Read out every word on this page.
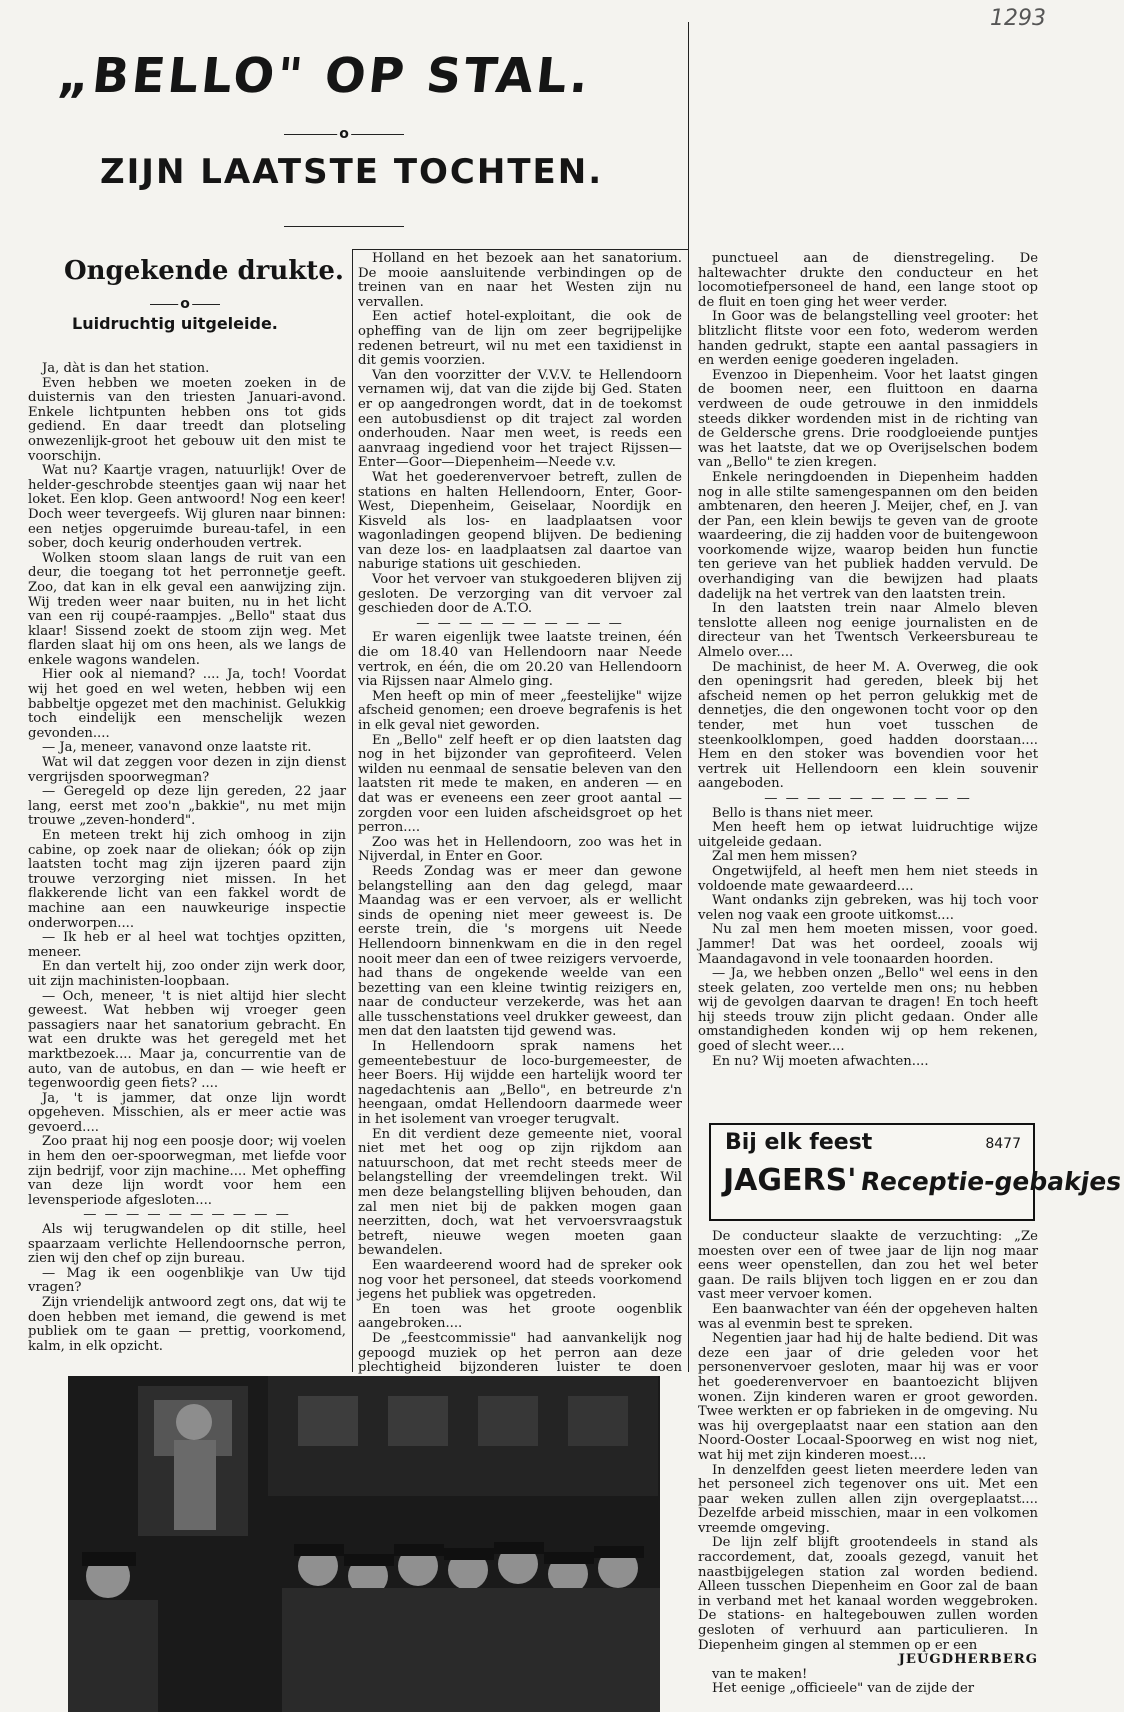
1293
„BELLO" OP STAL.
o
ZIJN LAATSTE TOCHTEN.
Ongekende drukte.
o
Luidruchtig uitgeleide.

Ja, dàt is dan het station.

Even hebben we moeten zoeken in de duisternis van den triesten Januari-avond. Enkele lichtpunten hebben ons tot gids gediend. En daar treedt dan plotseling onwezenlijk-groot het gebouw uit den mist te voorschijn.

Wat nu? Kaartje vragen, natuurlijk! Over de helder-geschrobde steentjes gaan wij naar het loket. Een klop. Geen antwoord! Nog een keer! Doch weer tevergeefs. Wij gluren naar binnen: een netjes opgeruimde bureau-tafel, in een sober, doch keurig onderhouden vertrek.

Wolken stoom slaan langs de ruit van een deur, die toegang tot het perronnetje geeft. Zoo, dat kan in elk geval een aanwijzing zijn. Wij treden weer naar buiten, nu in het licht van een rij coupé-raampjes. „Bello" staat dus klaar! Sissend zoekt de stoom zijn weg. Met flarden slaat hij om ons heen, als we langs de enkele wagons wandelen.

Hier ook al niemand? .... Ja, toch! Voordat wij het goed en wel weten, hebben wij een babbeltje opgezet met den machinist. Gelukkig toch eindelijk een menschelijk wezen gevonden....

— Ja, meneer, vanavond onze laatste rit.

Wat wil dat zeggen voor dezen in zijn dienst vergrijsden spoorwegman?

— Geregeld op deze lijn gereden, 22 jaar lang, eerst met zoo'n „bakkie", nu met mijn trouwe „zeven-honderd".

En meteen trekt hij zich omhoog in zijn cabine, op zoek naar de oliekan; óók op zijn laatsten tocht mag zijn ijzeren paard zijn trouwe verzorging niet missen. In het flakkerende licht van een fakkel wordt de machine aan een nauwkeurige inspectie onderworpen....

— Ik heb er al heel wat tochtjes opzitten, meneer.

En dan vertelt hij, zoo onder zijn werk door, uit zijn machinisten-loopbaan.

— Och, meneer, 't is niet altijd hier slecht geweest. Wat hebben wij vroeger geen passagiers naar het sanatorium gebracht. En wat een drukte was het geregeld met het marktbezoek.... Maar ja, concurrentie van de auto, van de autobus, en dan — wie heeft er tegenwoordig geen fiets? ....

Ja, 't is jammer, dat onze lijn wordt opgeheven. Misschien, als er meer actie was gevoerd....

Zoo praat hij nog een poosje door; wij voelen in hem den oer-spoorwegman, met liefde voor zijn bedrijf, voor zijn machine.... Met opheffing van deze lijn wordt voor hem een levensperiode afgesloten....

— — — — — — — — — —

Als wij terugwandelen op dit stille, heel spaarzaam verlichte Hellendoornsche perron, zien wij den chef op zijn bureau.

— Mag ik een oogenblikje van Uw tijd vragen?

Zijn vriendelijk antwoord zegt ons, dat wij te doen hebben met iemand, die gewend is met publiek om te gaan — prettig, voorkomend, kalm, in elk opzicht.

Holland en het bezoek aan het sanatorium. De mooie aansluitende verbindingen op de treinen van en naar het Westen zijn nu vervallen.

Een actief hotel-exploitant, die ook de opheffing van de lijn om zeer begrijpelijke redenen betreurt, wil nu met een taxidienst in dit gemis voorzien.

Van den voorzitter der V.V.V. te Hellendoorn vernamen wij, dat van die zijde bij Ged. Staten er op aangedrongen wordt, dat in de toekomst een autobusdienst op dit traject zal worden onderhouden. Naar men weet, is reeds een aanvraag ingediend voor het traject Rijssen—Enter—Goor—Diepenheim—Neede v.v.

Wat het goederenvervoer betreft, zullen de stations en halten Hellendoorn, Enter, Goor-West, Diepenheim, Geiselaar, Noordijk en Kisveld als los- en laadplaatsen voor wagonladingen geopend blijven. De bediening van deze los- en laadplaatsen zal daartoe van naburige stations uit geschieden.

Voor het vervoer van stukgoederen blijven zij gesloten. De verzorging van dit vervoer zal geschieden door de A.T.O.

— — — — — — — — — —

Er waren eigenlijk twee laatste treinen, één die om 18.40 van Hellendoorn naar Neede vertrok, en één, die om 20.20 van Hellendoorn via Rijssen naar Almelo ging.

Men heeft op min of meer „feestelijke" wijze afscheid genomen; een droeve begrafenis is het in elk geval niet geworden.

En „Bello" zelf heeft er op dien laatsten dag nog in het bijzonder van geprofiteerd. Velen wilden nu eenmaal de sensatie beleven van den laatsten rit mede te maken, en anderen — en dat was er eveneens een zeer groot aantal — zorgden voor een luiden afscheidsgroet op het perron....

Zoo was het in Hellendoorn, zoo was het in Nijverdal, in Enter en Goor.

Reeds Zondag was er meer dan gewone belangstelling aan den dag gelegd, maar Maandag was er een vervoer, als er wellicht sinds de opening niet meer geweest is. De eerste trein, die 's morgens uit Neede Hellendoorn binnenkwam en die in den regel nooit meer dan een of twee reizigers vervoerde, had thans de ongekende weelde van een bezetting van een kleine twintig reizigers en, naar de conducteur verzekerde, was het aan alle tusschenstations veel drukker geweest, dan men dat den laatsten tijd gewend was.

In Hellendoorn sprak namens het gemeentebestuur de loco-burgemeester, de heer Boers. Hij wijdde een hartelijk woord ter nagedachtenis aan „Bello", en betreurde z'n heengaan, omdat Hellendoorn daarmede weer in het isolement van vroeger terugvalt.

En dit verdient deze gemeente niet, vooral niet met het oog op zijn rijkdom aan natuurschoon, dat met recht steeds meer de belangstelling der vreemdelingen trekt. Wil men deze belangstelling blijven behouden, dan zal men niet bij de pakken mogen gaan neerzitten, doch, wat het vervoersvraagstuk betreft, nieuwe wegen moeten gaan bewandelen.

Een waardeerend woord had de spreker ook nog voor het personeel, dat steeds voorkomend jegens het publiek was opgetreden.

En toen was het groote oogenblik aangebroken....

De „feestcommissie" had aanvankelijk nog gepoogd muziek op het perron aan deze plechtigheid bijzonderen luister te doen

punctueel aan de dienstregeling. De haltewachter drukte den conducteur en het locomotiefpersoneel de hand, een lange stoot op de fluit en toen ging het weer verder.

In Goor was de belangstelling veel grooter: het blitzlicht flitste voor een foto, wederom werden handen gedrukt, stapte een aantal passagiers in en werden eenige goederen ingeladen.

Evenzoo in Diepenheim. Voor het laatst gingen de boomen neer, een fluittoon en daarna verdween de oude getrouwe in den inmiddels steeds dikker wordenden mist in de richting van de Geldersche grens. Drie roodgloeiende puntjes was het laatste, dat we op Overijselschen bodem van „Bello" te zien kregen.

Enkele neringdoenden in Diepenheim hadden nog in alle stilte samengespannen om den beiden ambtenaren, den heeren J. Meijer, chef, en J. van der Pan, een klein bewijs te geven van de groote waardeering, die zij hadden voor de buitengewoon voorkomende wijze, waarop beiden hun functie ten gerieve van het publiek hadden vervuld. De overhandiging van die bewijzen had plaats dadelijk na het vertrek van den laatsten trein.

In den laatsten trein naar Almelo bleven tenslotte alleen nog eenige journalisten en de directeur van het Twentsch Verkeersbureau te Almelo over....

De machinist, de heer M. A. Overweg, die ook den openingsrit had gereden, bleek bij het afscheid nemen op het perron gelukkig met de dennetjes, die den ongewonen tocht voor op den tender, met hun voet tusschen de steenkoolklompen, goed hadden doorstaan.... Hem en den stoker was bovendien voor het vertrek uit Hellendoorn een klein souvenir aangeboden.

— — — — — — — — — —

Bello is thans niet meer.

Men heeft hem op ietwat luidruchtige wijze uitgeleide gedaan.

Zal men hem missen?

Ongetwijfeld, al heeft men hem niet steeds in voldoende mate gewaardeerd....

Want ondanks zijn gebreken, was hij toch voor velen nog vaak een groote uitkomst....

Nu zal men hem moeten missen, voor goed. Jammer! Dat was het oordeel, zooals wij Maandagavond in vele toonaarden hoorden.

— Ja, we hebben onzen „Bello" wel eens in den steek gelaten, zoo vertelde men ons; nu hebben wij de gevolgen daarvan te dragen! En toch heeft hij steeds trouw zijn plicht gedaan. Onder alle omstandigheden konden wij op hem rekenen, goed of slecht weer....

En nu? Wij moeten afwachten....

Bij elk feest	8477
JAGERS' Receptie-gebakjes

De conducteur slaakte de verzuchting: „Ze moesten over een of twee jaar de lijn nog maar eens weer openstellen, dan zou het wel beter gaan. De rails blijven toch liggen en er zou dan vast meer vervoer komen.

Een baanwachter van één der opgeheven halten was al evenmin best te spreken.

Negentien jaar had hij de halte bediend. Dit was deze een jaar of drie geleden voor het personenvervoer gesloten, maar hij was er voor het goederenvervoer en baantoezicht blijven wonen. Zijn kinderen waren er groot geworden. Twee werkten er op fabrieken in de omgeving. Nu was hij overgeplaatst naar een station aan den Noord-Ooster Locaal-Spoorweg en wist nog niet, wat hij met zijn kinderen moest....

In denzelfden geest lieten meerdere leden van het personeel zich tegenover ons uit. Met een paar weken zullen allen zijn overgeplaatst.... Dezelfde arbeid misschien, maar in een volkomen vreemde omgeving.

De lijn zelf blijft grootendeels in stand als raccordement, dat, zooals gezegd, vanuit het naastbijgelegen station zal worden bediend. Alleen tusschen Diepenheim en Goor zal de baan in verband met het kanaal worden weggebroken. De stations- en haltegebouwen zullen worden gesloten of verhuurd aan particulieren. In Diepenheim gingen al stemmen op er een

JEUGDHERBERG

van te maken!

Het eenige „officieele" van de zijde der
